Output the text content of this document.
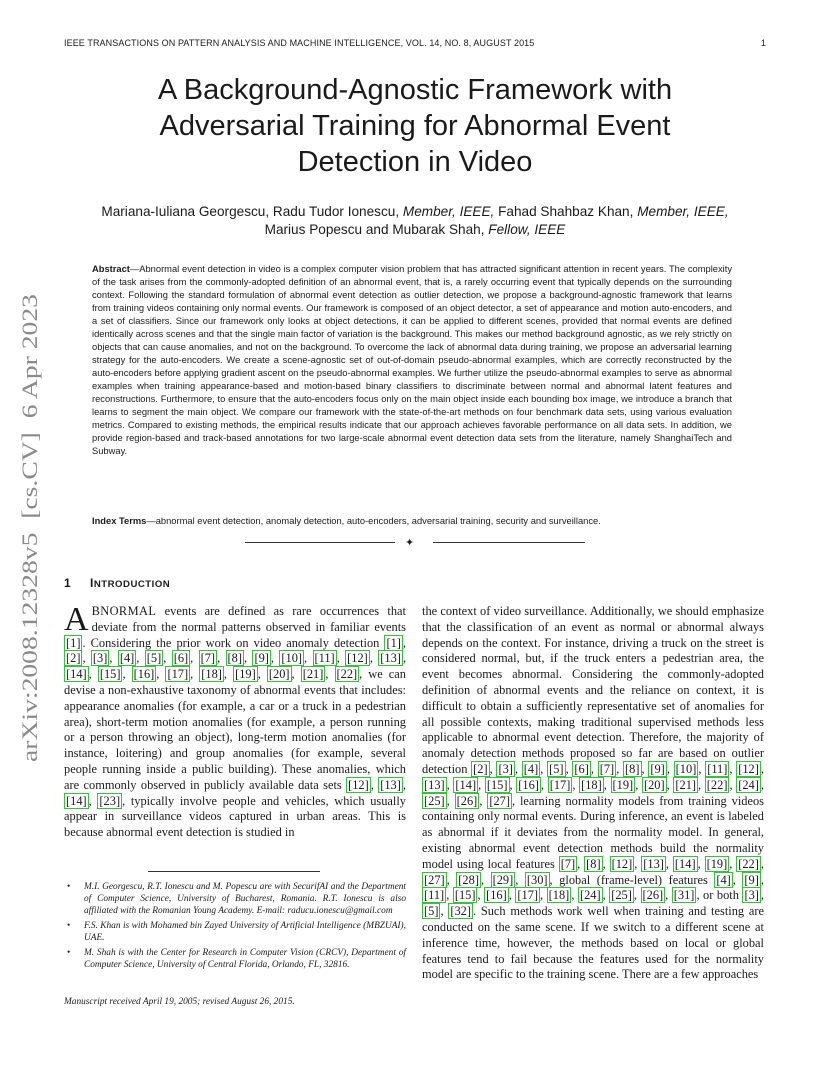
IEEE TRANSACTIONS ON PATTERN ANALYSIS AND MACHINE INTELLIGENCE, VOL. 14, NO. 8, AUGUST 2015	1
arXiv:2008.12328v5  [cs.CV]  6 Apr 2023
A Background-Agnostic Framework with
Adversarial Training for Abnormal Event
Detection in Video
Mariana-Iuliana Georgescu, Radu Tudor Ionescu, Member, IEEE, Fahad Shahbaz Khan, Member, IEEE,
Marius Popescu and Mubarak Shah, Fellow, IEEE
Abstract—Abnormal event detection in video is a complex computer vision problem that has attracted significant attention in recent years. The complexity of the task arises from the commonly-adopted definition of an abnormal event, that is, a rarely occurring event that typically depends on the surrounding context. Following the standard formulation of abnormal event detection as outlier detection, we propose a background-agnostic framework that learns from training videos containing only normal events. Our framework is composed of an object detector, a set of appearance and motion auto-encoders, and a set of classifiers. Since our framework only looks at object detections, it can be applied to different scenes, provided that normal events are defined identically across scenes and that the single main factor of variation is the background. This makes our method background agnostic, as we rely strictly on objects that can cause anomalies, and not on the background. To overcome the lack of abnormal data during training, we propose an adversarial learning strategy for the auto-encoders. We create a scene-agnostic set of out-of-domain pseudo-abnormal examples, which are correctly reconstructed by the auto-encoders before applying gradient ascent on the pseudo-abnormal examples. We further utilize the pseudo-abnormal examples to serve as abnormal examples when training appearance-based and motion-based binary classifiers to discriminate between normal and abnormal latent features and reconstructions. Furthermore, to ensure that the auto-encoders focus only on the main object inside each bounding box image, we introduce a branch that learns to segment the main object. We compare our framework with the state-of-the-art methods on four benchmark data sets, using various evaluation metrics. Compared to existing methods, the empirical results indicate that our approach achieves favorable performance on all data sets. In addition, we provide region-based and track-based annotations for two large-scale abnormal event detection data sets from the literature, namely ShanghaiTech and Subway.
Index Terms—abnormal event detection, anomaly detection, auto-encoders, adversarial training, security and surveillance.
✦
1 INTRODUCTION
ABNORMAL events are defined as rare occurrences that deviate from the normal patterns observed in familiar events [1] . Considering the prior work on video anomaly detection [1] , [2] , [3] , [4] , [5] , [6] , [7] , [8] , [9] , [10] , [11] , [12] , [13] , [14] , [15] , [16] , [17] , [18] , [19] , [20] , [21] , [22] , we can devise a non-exhaustive taxonomy of abnormal events that includes: appearance anomalies (for example, a car or a truck in a pedestrian area), short-term motion anomalies (for example, a person running or a person throwing an object), long-term motion anomalies (for instance, loitering) and group anomalies (for example, several people running inside a public building). These anomalies, which are commonly observed in publicly available data sets [12] , [13] , [14] , [23] , typically involve people and vehicles, which usually appear in surveillance videos captured in urban areas. This is because abnormal event detection is studied in
the context of video surveillance. Additionally, we should emphasize that the classification of an event as normal or abnormal always depends on the context. For instance, driving a truck on the street is considered normal, but, if the truck enters a pedestrian area, the event becomes abnormal. Considering the commonly-adopted definition of abnormal events and the reliance on context, it is difficult to obtain a sufficiently representative set of anomalies for all possible contexts, making traditional supervised methods less applicable to abnormal event detection. Therefore, the majority of anomaly detection methods proposed so far are based on outlier detection [2] , [3] , [4] , [5] , [6] , [7] , [8] , [9] , [10] , [11] , [12] , [13] , [14] , [15] , [16] , [17] , [18] , [19] , [20] , [21] , [22] , [24] , [25] , [26] , [27] , learning normality models from training videos containing only normal events. During inference, an event is labeled as abnormal if it deviates from the normality model. In general, existing abnormal event detection methods build the normality model using local features [7] , [8] , [12] , [13] , [14] , [19] , [22] , [27] , [28] , [29] , [30] , global (frame-level) features [4] , [9] , [11] , [15] , [16] , [17] , [18] , [24] , [25] , [26] , [31] , or both [3] , [5] , [32] . Such methods work well when training and testing are conducted on the same scene. If we switch to a different scene at inference time, however, the methods based on local or global features tend to fail because the features used for the normality model are specific to the training scene. There are a few approaches
• M.I. Georgescu, R.T. Ionescu and M. Popescu are with SecurifAI and the Department of Computer Science, University of Bucharest, Romania. R.T. Ionescu is also affiliated with the Romanian Young Academy. E-mail: raducu.ionescu@gmail.com
• F.S. Khan is with Mohamed bin Zayed University of Artificial Intelligence (MBZUAI), UAE.
• M. Shah is with the Center for Research in Computer Vision (CRCV), Department of Computer Science, University of Central Florida, Orlando, FL, 32816.
Manuscript received April 19, 2005; revised August 26, 2015.
